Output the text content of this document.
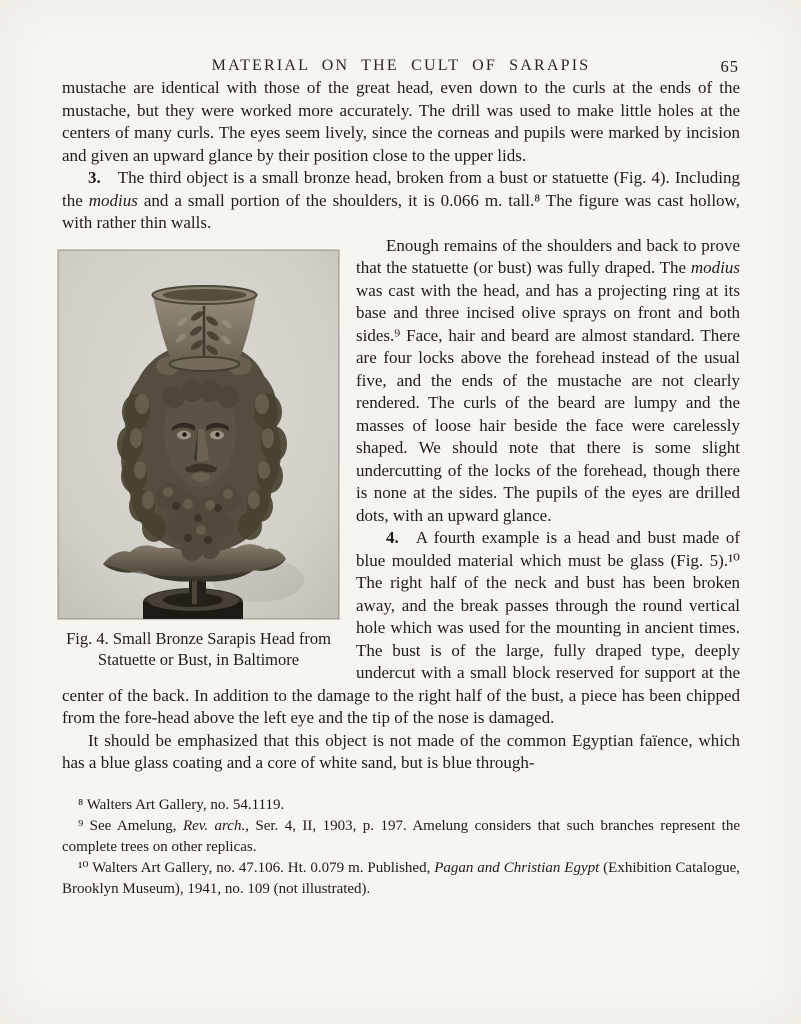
MATERIAL ON THE CULT OF SARAPIS	65

mustache are identical with those of the great head, even down to the curls at the ends of the mustache, but they were worked more accurately. The drill was used to make little holes at the centers of many curls. The eyes seem lively, since the corneas and pupils were marked by incision and given an upward glance by their position close to the upper lids.

3. The third object is a small bronze head, broken from a bust or statuette (Fig. 4). Including the modius and a small portion of the shoulders, it is 0.066 m. tall.⁸ The figure was cast hollow, with rather thin walls.

Fig. 4. Small Bronze Sarapis Head from
Statuette or Bust, in Baltimore

Enough remains of the shoulders and back to prove that the statuette (or bust) was fully draped. The modius was cast with the head, and has a projecting ring at its base and three incised olive sprays on front and both sides.⁹ Face, hair and beard are almost standard. There are four locks above the forehead instead of the usual five, and the ends of the mustache are not clearly rendered. The curls of the beard are lumpy and the masses of loose hair beside the face were carelessly shaped. We should note that there is some slight undercutting of the locks of the forehead, though there is none at the sides. The pupils of the eyes are drilled dots, with an upward glance.

4. A fourth example is a head and bust made of blue moulded material which must be glass (Fig. 5).¹⁰ The right half of the neck and bust has been broken away, and the break passes through the round vertical hole which was used for the mounting in ancient times. The bust is of the large, fully draped type, deeply undercut with a small block reserved for support at the center of the back. In addition to the damage to the right half of the bust, a piece has been chipped from the fore-head above the left eye and the tip of the nose is damaged.

It should be emphasized that this object is not made of the common Egyptian faïence, which has a blue glass coating and a core of white sand, but is blue through-

⁸ Walters Art Gallery, no. 54.1119.

⁹ See Amelung, Rev. arch., Ser. 4, II, 1903, p. 197. Amelung considers that such branches represent the complete trees on other replicas.

¹⁰ Walters Art Gallery, no. 47.106. Ht. 0.079 m. Published, Pagan and Christian Egypt (Exhibition Catalogue, Brooklyn Museum), 1941, no. 109 (not illustrated).
